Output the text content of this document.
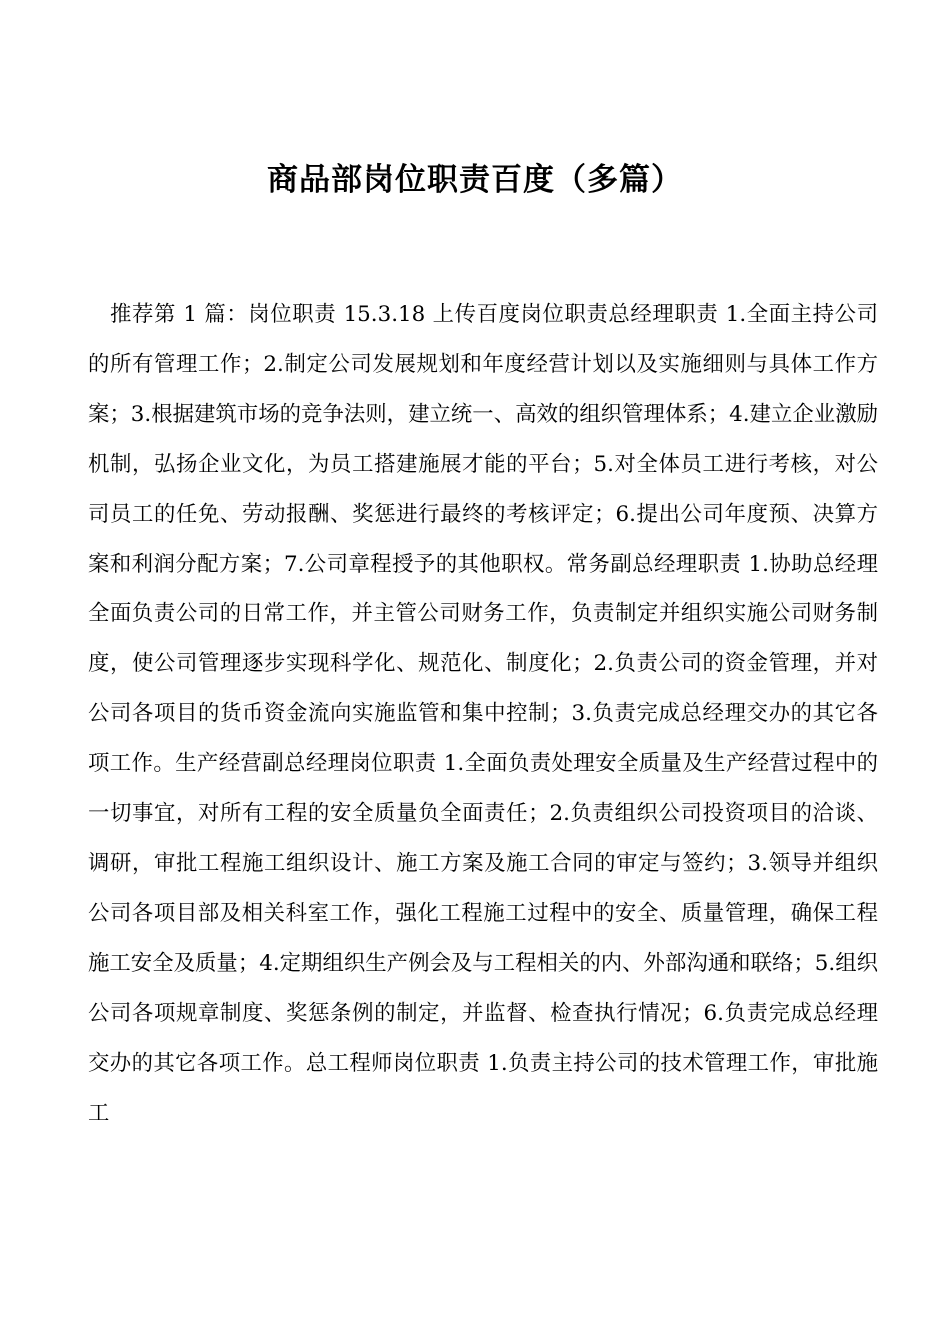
商品部岗位职责百度（多篇）

推荐第 1 篇：岗位职责 15.3.18 上传百度岗位职责总经理职责 1.全面主持公司的所有管理工作；2.制定公司发展规划和年度经营计划以及实施细则与具体工作方案；3.根据建筑市场的竞争法则，建立统一、高效的组织管理体系；4.建立企业激励机制，弘扬企业文化，为员工搭建施展才能的平台；5.对全体员工进行考核，对公司员工的任免、劳动报酬、奖惩进行最终的考核评定；6.提出公司年度预、决算方案和利润分配方案；7.公司章程授予的其他职权。常务副总经理职责 1.协助总经理全面负责公司的日常工作，并主管公司财务工作，负责制定并组织实施公司财务制度，使公司管理逐步实现科学化、规范化、制度化；2.负责公司的资金管理，并对公司各项目的货币资金流向实施监管和集中控制；3.负责完成总经理交办的其它各项工作。生产经营副总经理岗位职责 1.全面负责处理安全质量及生产经营过程中的一切事宜，对所有工程的安全质量负全面责任；2.负责组织公司投资项目的洽谈、调研，审批工程施工组织设计、施工方案及施工合同的审定与签约；3.领导并组织公司各项目部及相关科室工作，强化工程施工过程中的安全、质量管理，确保工程施工安全及质量；4.定期组织生产例会及与工程相关的内、外部沟通和联络；5.组织公司各项规章制度、奖惩条例的制定，并监督、检查执行情况；6.负责完成总经理交办的其它各项工作。总工程师岗位职责 1.负责主持公司的技术管理工作，审批施工
